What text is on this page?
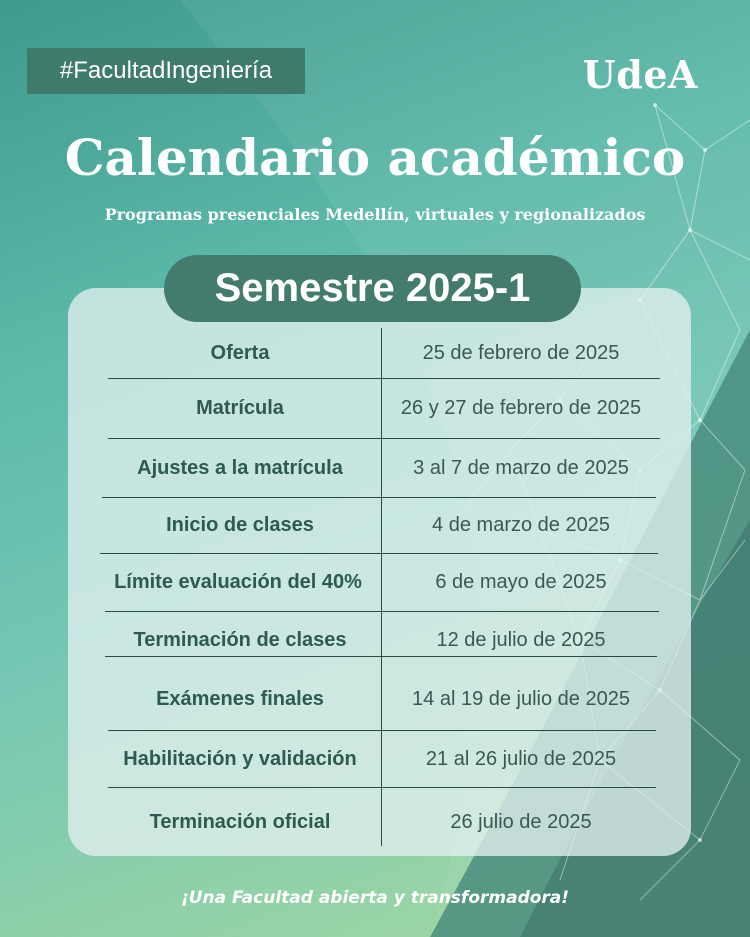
#FacultadIngeniería	UdeA
Calendario académico
Programas presenciales Medellín, virtuales y regionalizados
Semestre 2025-1
Oferta	25 de febrero de 2025
Matrícula	26 y 27 de febrero de 2025
Ajustes a la matrícula	3 al 7 de marzo de 2025
Inicio de clases	4 de marzo de 2025
Límite evaluación del 40%	6 de mayo de 2025
Terminación de clases	12 de julio de 2025
Exámenes finales	14 al 19 de julio de 2025
Habilitación y validación	21 al 26 julio de 2025
Terminación oficial	26 julio de 2025
¡Una Facultad abierta y transformadora!
